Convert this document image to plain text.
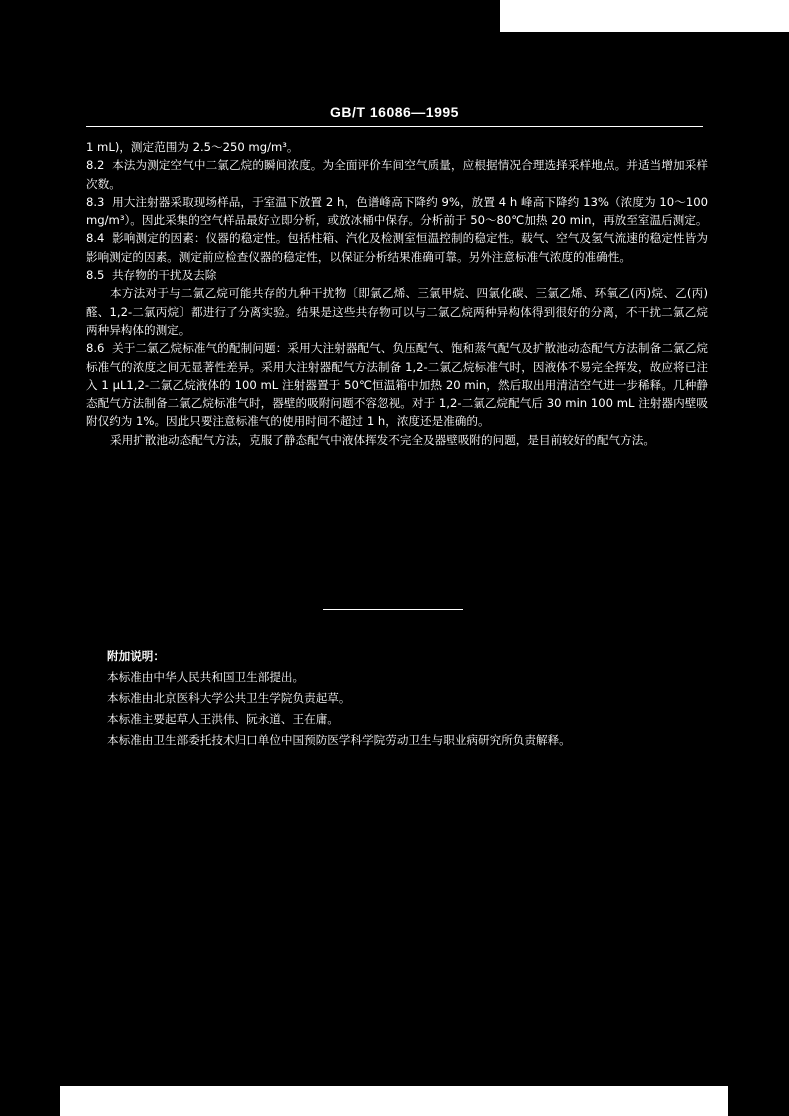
GB/T 16086—1995

1 mL)，测定范围为 2.5～250 mg/m³。

8.2 本法为测定空气中二氯乙烷的瞬间浓度。为全面评价车间空气质量，应根据情况合理选择采样地点。并适当增加采样次数。

8.3 用大注射器采取现场样品，于室温下放置 2 h，色谱峰高下降约 9%，放置 4 h 峰高下降约 13%（浓度为 10～100 mg/m³）。因此采集的空气样品最好立即分析，或放冰桶中保存。分析前于 50～80℃加热 20 min，再放至室温后测定。

8.4 影响测定的因素：仪器的稳定性。包括柱箱、汽化及检测室恒温控制的稳定性。载气、空气及氢气流速的稳定性皆为影响测定的因素。测定前应检查仪器的稳定性，以保证分析结果准确可靠。另外注意标准气浓度的准确性。

8.5 共存物的干扰及去除

本方法对于与二氯乙烷可能共存的九种干扰物〔即氯乙烯、三氯甲烷、四氯化碳、三氯乙烯、环氧乙(丙)烷、乙(丙)醛、1,2-二氯丙烷〕都进行了分离实验。结果是这些共存物可以与二氯乙烷两种异构体得到很好的分离，不干扰二氯乙烷两种异构体的测定。

8.6 关于二氯乙烷标准气的配制问题：采用大注射器配气、负压配气、饱和蒸气配气及扩散池动态配气方法制备二氯乙烷标准气的浓度之间无显著性差异。采用大注射器配气方法制备 1,2-二氯乙烷标准气时，因液体不易完全挥发，故应将已注入 1 μL1,2-二氯乙烷液体的 100 mL 注射器置于 50℃恒温箱中加热 20 min，然后取出用清洁空气进一步稀释。几种静态配气方法制备二氯乙烷标准气时，器壁的吸附问题不容忽视。对于 1,2-二氯乙烷配气后 30 min 100 mL 注射器内壁吸附仅约为 1%。因此只要注意标准气的使用时间不超过 1 h，浓度还是准确的。

采用扩散池动态配气方法，克服了静态配气中液体挥发不完全及器壁吸附的问题，是目前较好的配气方法。

附加说明：

本标准由中华人民共和国卫生部提出。

本标准由北京医科大学公共卫生学院负责起草。

本标准主要起草人王洪伟、阮永道、王在庸。

本标准由卫生部委托技术归口单位中国预防医学科学院劳动卫生与职业病研究所负责解释。
